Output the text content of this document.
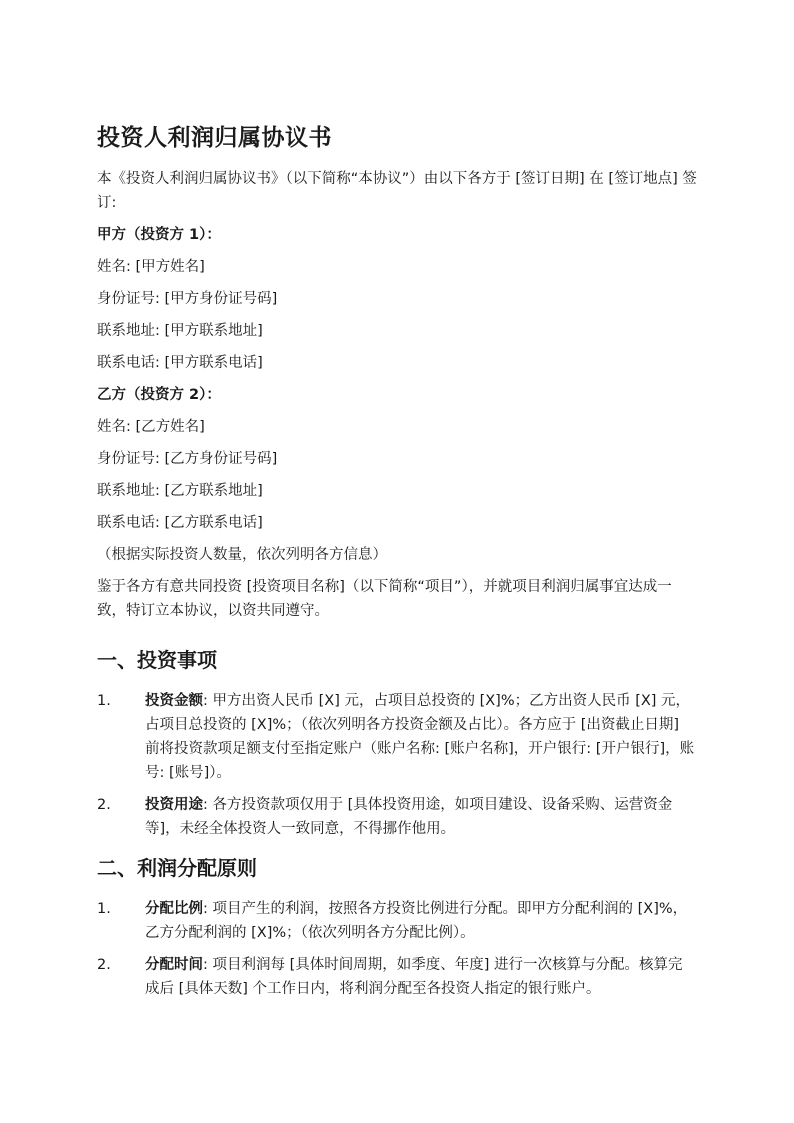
投资人利润归属协议书

本《投资人利润归属协议书》（以下简称“本协议”）由以下各方于 [签订日期] 在 [签订地点] 签订:

甲方（投资方 1）：

姓名: [甲方姓名]

身份证号: [甲方身份证号码]

联系地址: [甲方联系地址]

联系电话: [甲方联系电话]

乙方（投资方 2）：

姓名: [乙方姓名]

身份证号: [乙方身份证号码]

联系地址: [乙方联系地址]

联系电话: [乙方联系电话]

（根据实际投资人数量，依次列明各方信息）

鉴于各方有意共同投资 [投资项目名称]（以下简称“项目”），并就项目利润归属事宜达成一致，特订立本协议，以资共同遵守。

一、投资事项
1.	投资金额: 甲方出资人民币 [X] 元，占项目总投资的 [X]%；乙方出资人民币 [X] 元，占项目总投资的 [X]%；（依次列明各方投资金额及占比）。各方应于 [出资截止日期] 前将投资款项足额支付至指定账户（账户名称: [账户名称]，开户银行: [开户银行]，账号: [账号]）。
2.	投资用途: 各方投资款项仅用于 [具体投资用途，如项目建设、设备采购、运营资金等]，未经全体投资人一致同意，不得挪作他用。
二、利润分配原则
1.	分配比例: 项目产生的利润，按照各方投资比例进行分配。即甲方分配利润的 [X]%，乙方分配利润的 [X]%；（依次列明各方分配比例）。
2.	分配时间: 项目利润每 [具体时间周期，如季度、年度] 进行一次核算与分配。核算完成后 [具体天数] 个工作日内，将利润分配至各投资人指定的银行账户。
